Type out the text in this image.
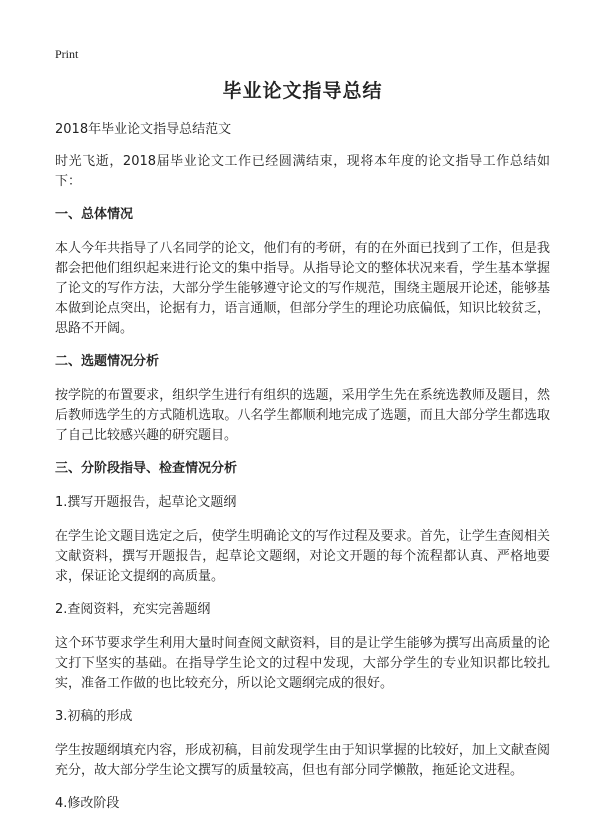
Print
毕业论文指导总结
2018年毕业论文指导总结范文

时光飞逝，2018届毕业论文工作已经圆满结束，现将本年度的论文指导工作总结如下：

一、总体情况

本人今年共指导了八名同学的论文，他们有的考研，有的在外面已找到了工作，但是我都会把他们组织起来进行论文的集中指导。从指导论文的整体状况来看，学生基本掌握了论文的写作方法，大部分学生能够遵守论文的写作规范，围绕主题展开论述，能够基本做到论点突出，论据有力，语言通顺，但部分学生的理论功底偏低，知识比较贫乏，思路不开阔。

二、选题情况分析

按学院的布置要求，组织学生进行有组织的选题，采用学生先在系统选教师及题目，然后教师选学生的方式随机选取。八名学生都顺利地完成了选题，而且大部分学生都选取了自己比较感兴趣的研究题目。

三、分阶段指导、检查情况分析
1.撰写开题报告，起草论文题纲

在学生论文题目选定之后，使学生明确论文的写作过程及要求。首先，让学生查阅相关文献资料，撰写开题报告，起草论文题纲，对论文开题的每个流程都认真、严格地要求，保证论文提纲的高质量。

2.查阅资料，充实完善题纲

这个环节要求学生利用大量时间查阅文献资料，目的是让学生能够为撰写出高质量的论文打下坚实的基础。在指导学生论文的过程中发现，大部分学生的专业知识都比较扎实，准备工作做的也比较充分，所以论文题纲完成的很好。

3.初稿的形成

学生按题纲填充内容，形成初稿，目前发现学生由于知识掌握的比较好，加上文献查阅充分，故大部分学生论文撰写的质量较高，但也有部分同学懒散，拖延论文进程。

4.修改阶段
